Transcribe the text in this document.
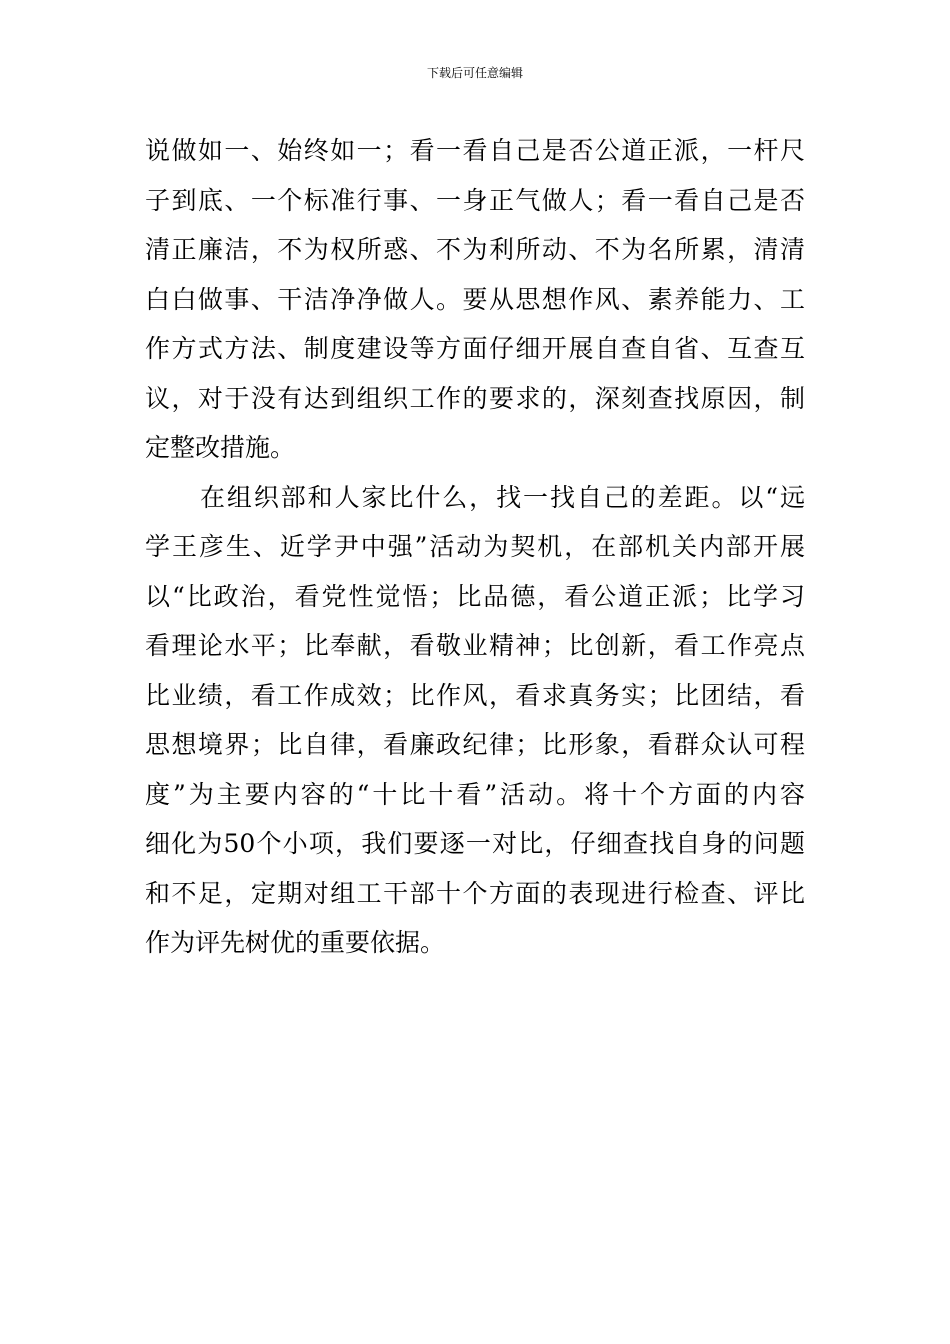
下载后可任意编辑
说做如一、始终如一；看一看自己是否公道正派，一杆尺
子到底、一个标准行事、一身正气做人；看一看自己是否
清正廉洁，不为权所惑、不为利所动、不为名所累，清清
白白做事、干洁净净做人。要从思想作风、素养能力、工
作方式方法、制度建设等方面仔细开展自查自省、互查互
议，对于没有达到组织工作的要求的，深刻查找原因，制
定整改措施。
在组织部和人家比什么，找一找自己的差距。以“远
学王彦生、近学尹中强”活动为契机，在部机关内部开展
以“比政治，看党性觉悟；比品德，看公道正派；比学习
看理论水平；比奉献，看敬业精神；比创新，看工作亮点
比业绩，看工作成效；比作风，看求真务实；比团结，看
思想境界；比自律，看廉政纪律；比形象，看群众认可程
度”为主要内容的“十比十看”活动。将十个方面的内容
细化为50个小项，我们要逐一对比，仔细查找自身的问题
和不足，定期对组工干部十个方面的表现进行检查、评比
作为评先树优的重要依据。
